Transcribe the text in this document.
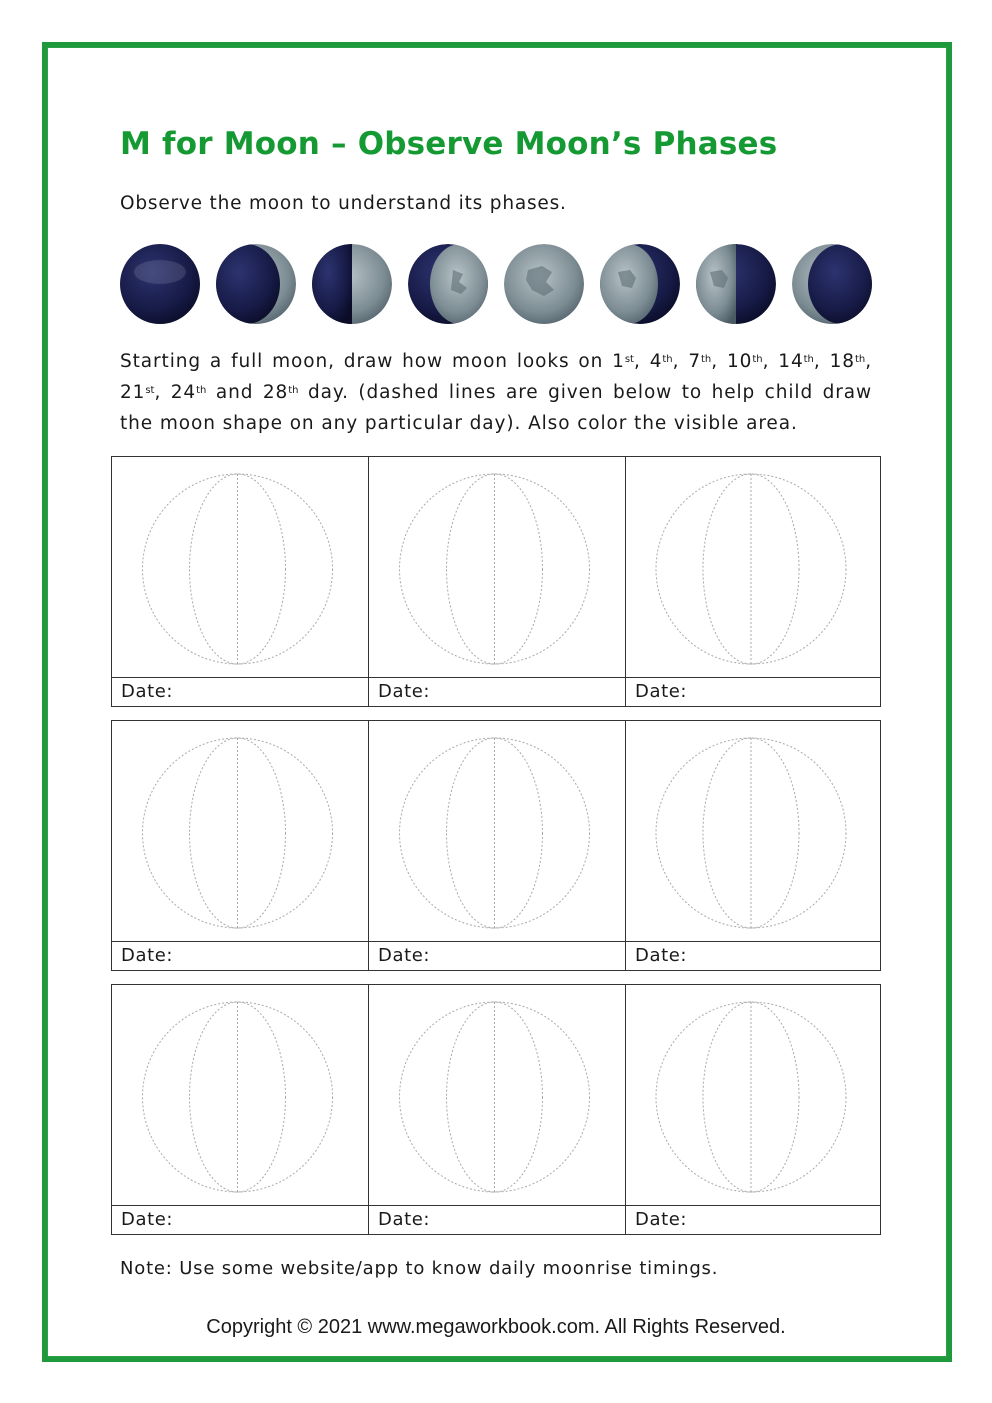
M for Moon – Observe Moon’s Phases
Observe the moon to understand its phases.
Starting a full moon, draw how moon looks on 1st, 4th, 7th, 10th, 14th, 18th, 21st, 24th and 28th day. (dashed lines are given below to help child draw the moon shape on any particular day). Also color the visible area.
Date:	Date:	Date:
Date:	Date:	Date:
Date:	Date:	Date:
Note: Use some website/app to know daily moonrise timings.
Copyright © 2021 www.megaworkbook.com. All Rights Reserved.
